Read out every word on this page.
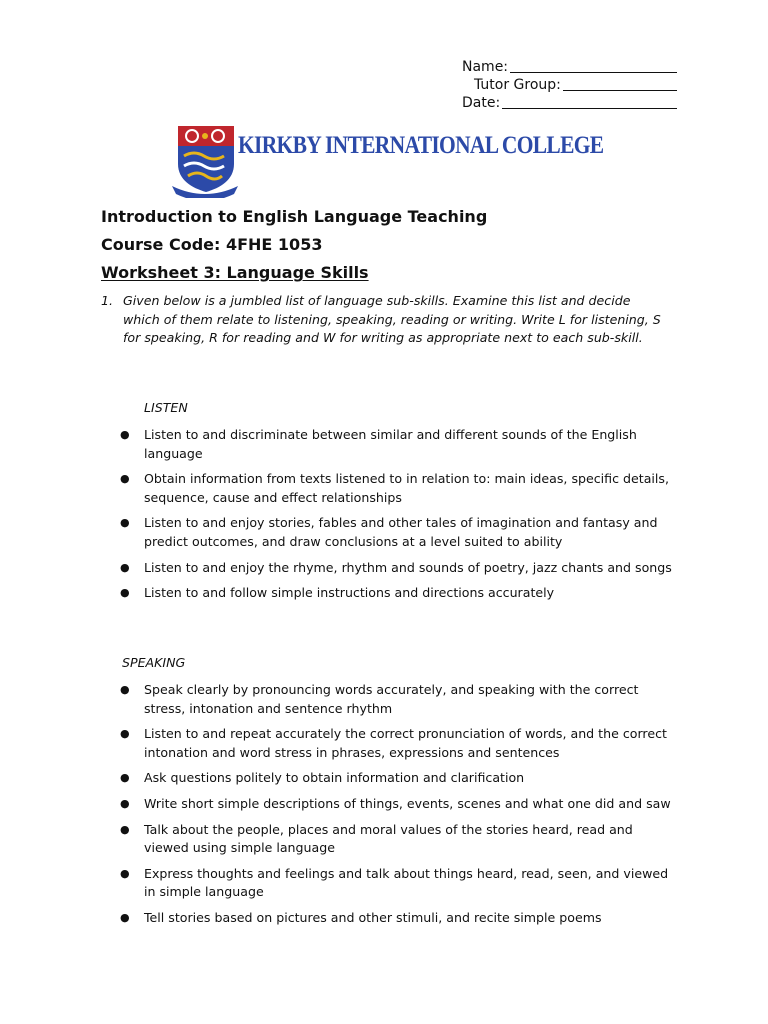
Name:
Tutor Group:
Date:
KIRKBY INTERNATIONAL COLLEGE
Introduction to English Language Teaching
Course Code: 4FHE 1053
Worksheet 3: Language Skills
1. Given below is a jumbled list of language sub-skills. Examine this list and decide which of them relate to listening, speaking, reading or writing. Write L for listening, S for speaking, R for reading and W for writing as appropriate next to each sub-skill.
LISTEN
● Listen to and discriminate between similar and different sounds of the English language
● Obtain information from texts listened to in relation to: main ideas, specific details, sequence, cause and effect relationships
● Listen to and enjoy stories, fables and other tales of imagination and fantasy and predict outcomes, and draw conclusions at a level suited to ability
● Listen to and enjoy the rhyme, rhythm and sounds of poetry, jazz chants and songs
● Listen to and follow simple instructions and directions accurately
SPEAKING
● Speak clearly by pronouncing words accurately, and speaking with the correct stress, intonation and sentence rhythm
● Listen to and repeat accurately the correct pronunciation of words, and the correct intonation and word stress in phrases, expressions and sentences
● Ask questions politely to obtain information and clarification
● Write short simple descriptions of things, events, scenes and what one did and saw
● Talk about the people, places and moral values of the stories heard, read and viewed using simple language
● Express thoughts and feelings and talk about things heard, read, seen, and viewed in simple language
● Tell stories based on pictures and other stimuli, and recite simple poems
